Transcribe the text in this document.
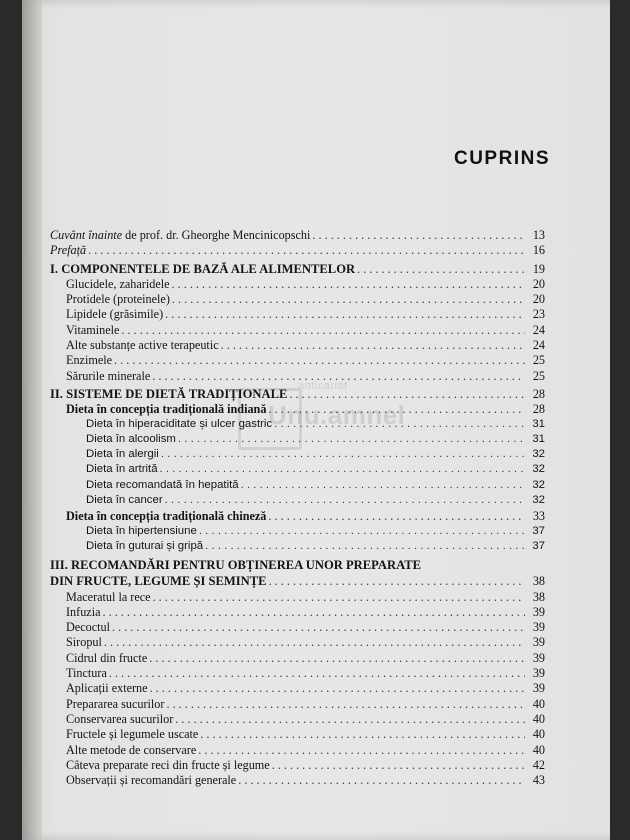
CUPRINS
anticariat
Unu.amnel
Cuvânt înainte de prof. dr. Gheorghe Mencinicopschi . . .	13
Prefață . . .	16
I. COMPONENTELE DE BAZĂ ALE ALIMENTELOR . . .	19
Glucidele, zaharidele . . .	20
Protidele (proteinele) . . .	20
Lipidele (grăsimile) . . .	23
Vitaminele . . .	24
Alte substanțe active terapeutic . . .	24
Enzimele . . .	25
Sărurile minerale . . .	25
II. SISTEME DE DIETĂ TRADIȚIONALE . . .	28
Dieta în concepția tradițională indiană . . .	28
Dieta în hiperaciditate și ulcer gastric . . .	31
Dieta în alcoolism . . .	31
Dieta în alergii . . .	32
Dieta în artrită . . .	32
Dieta recomandată în hepatită . . .	32
Dieta în cancer . . .	32
Dieta în concepția tradițională chineză . . .	33
Dieta în hipertensiune . . .	37
Dieta în guturai și gripă . . .	37
III. RECOMANDĂRI PENTRU OBȚINEREA UNOR PREPARATE
DIN FRUCTE, LEGUME ȘI SEMINȚE . . .	38
Maceratul la rece . . .	38
Infuzia . . .	39
Decoctul . . .	39
Siropul . . .	39
Cidrul din fructe . . .	39
Tinctura . . .	39
Aplicații externe . . .	39
Prepararea sucurilor . . .	40
Conservarea sucurilor . . .	40
Fructele și legumele uscate . . .	40
Alte metode de conservare . . .	40
Câteva preparate reci din fructe și legume . . .	42
Observații și recomandări generale . . .	43
